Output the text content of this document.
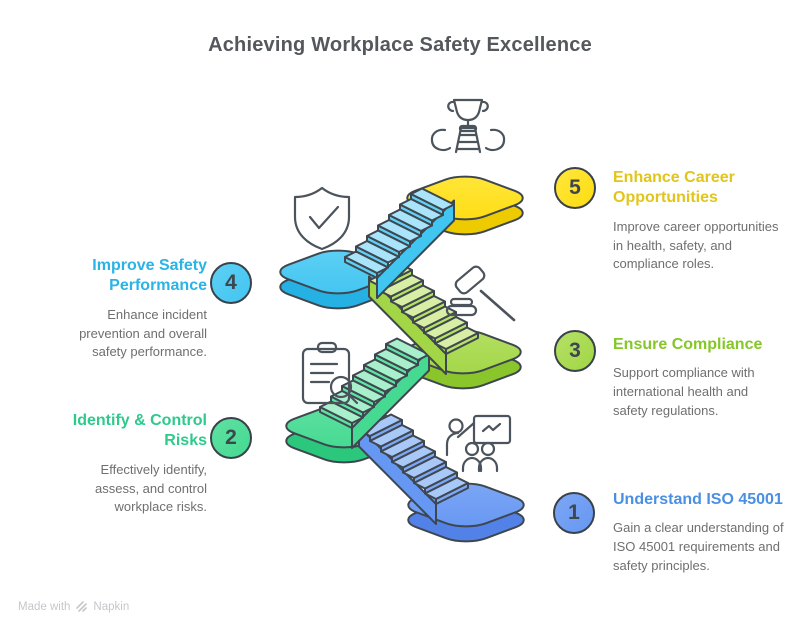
Achieving Workplace Safety Excellence
1
2
3
4
5
Understand ISO 45001
Gain a clear understanding of ISO 45001 requirements and safety principles.
Identify & Control Risks
Effectively identify, assess, and control workplace risks.
Ensure Compliance
Support compliance with international health and safety regulations.
Improve Safety Performance
Enhance incident prevention and overall safety performance.
Enhance Career Opportunities
Improve career opportunities in health, safety, and compliance roles.
Made with Napkin
